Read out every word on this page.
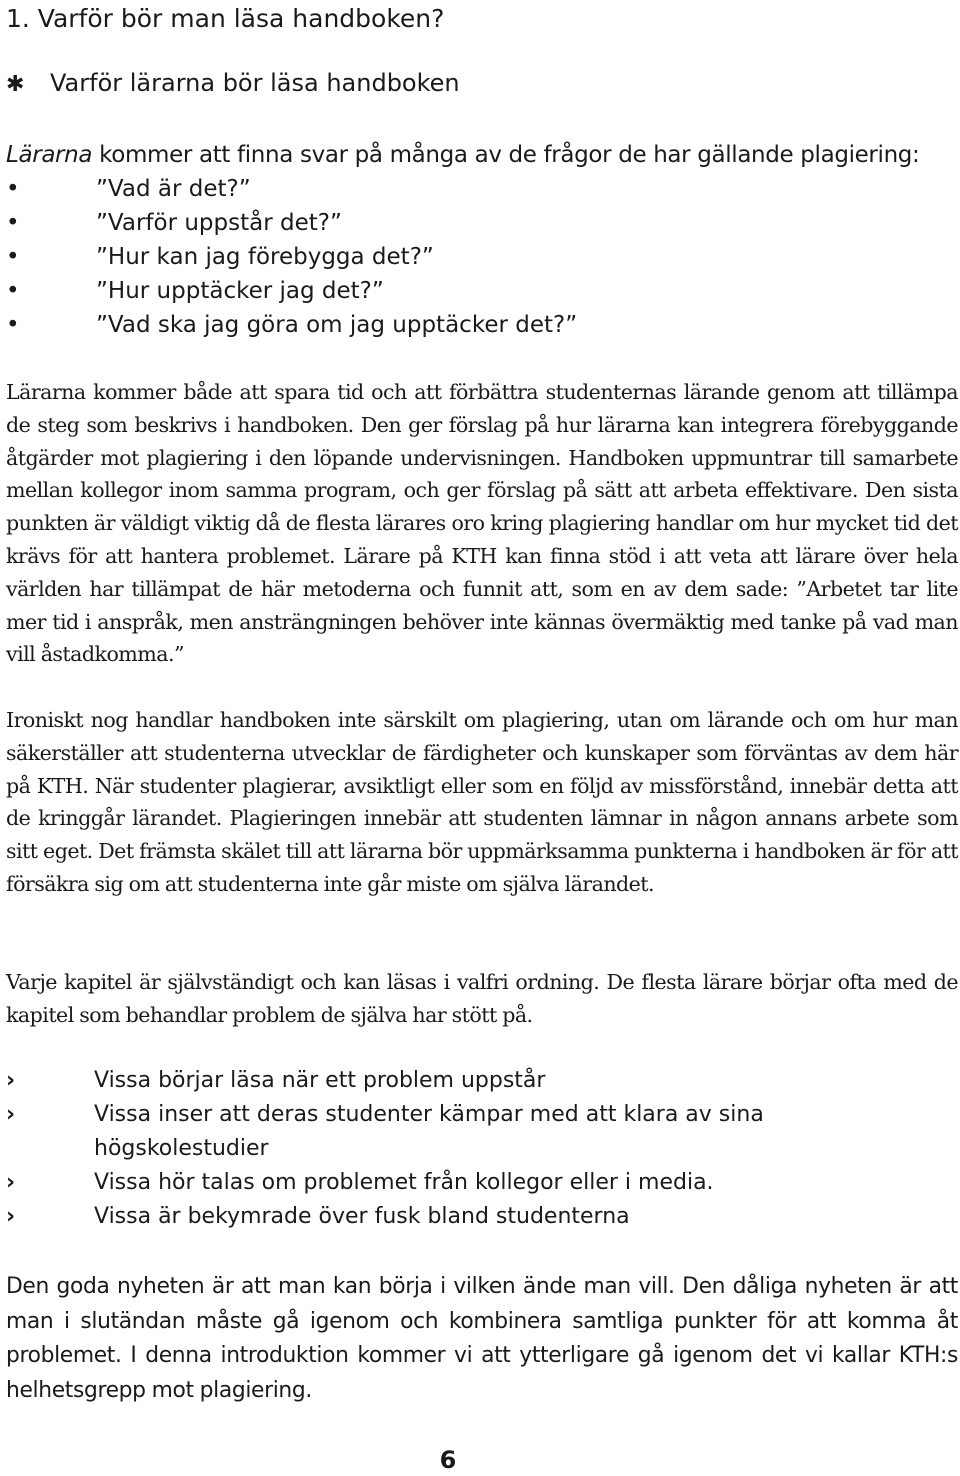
1. Varför bör man läsa handboken?
✱ Varför lärarna bör läsa handboken
Lärarna kommer att finna svar på många av de frågor de har gällande plagiering:
•	”Vad är det?”
•	”Varför uppstår det?”
•	”Hur kan jag förebygga det?”
•	”Hur upptäcker jag det?”
•	”Vad ska jag göra om jag upptäcker det?”

Lärarna kommer både att spara tid och att förbättra studenternas lärande genom att tillämpa de steg som beskrivs i handboken. Den ger förslag på hur lärarna kan integrera förebyggande åtgärder mot plagiering i den löpande undervisningen. Handboken uppmuntrar till samarbete mellan kollegor inom samma program, och ger förslag på sätt att arbeta effektivare. Den sista punkten är väldigt viktig då de flesta lärares oro kring plagiering handlar om hur mycket tid det krävs för att hantera problemet. Lärare på KTH kan finna stöd i att veta att lärare över hela världen har tillämpat de här metoderna och funnit att, som en av dem sade: ”Arbetet tar lite mer tid i anspråk, men ansträngningen behöver inte kännas övermäktig med tanke på vad man vill åstadkomma.”

Ironiskt nog handlar handboken inte särskilt om plagiering, utan om lärande och om hur man säkerställer att studenterna utvecklar de färdigheter och kunskaper som förväntas av dem här på KTH. När studenter plagierar, avsiktligt eller som en följd av missförstånd, innebär detta att de kringgår lärandet. Plagieringen innebär att studenten lämnar in någon annans arbete som sitt eget. Det främsta skälet till att lärarna bör uppmärksamma punkterna i handboken är för att försäkra sig om att studenterna inte går miste om själva lärandet.

Varje kapitel är självständigt och kan läsas i valfri ordning. De flesta lärare börjar ofta med de kapitel som behandlar problem de själva har stött på.

›	Vissa börjar läsa när ett problem uppstår
›	Vissa inser att deras studenter kämpar med att klara av sina högskolestudier
›	Vissa hör talas om problemet från kollegor eller i media.
›	Vissa är bekymrade över fusk bland studenterna

Den goda nyheten är att man kan börja i vilken ände man vill. Den dåliga nyheten är att man i slutändan måste gå igenom och kombinera samtliga punkter för att komma åt problemet. I denna introduktion kommer vi att ytterligare gå igenom det vi kallar KTH:s helhetsgrepp mot plagiering.

6
